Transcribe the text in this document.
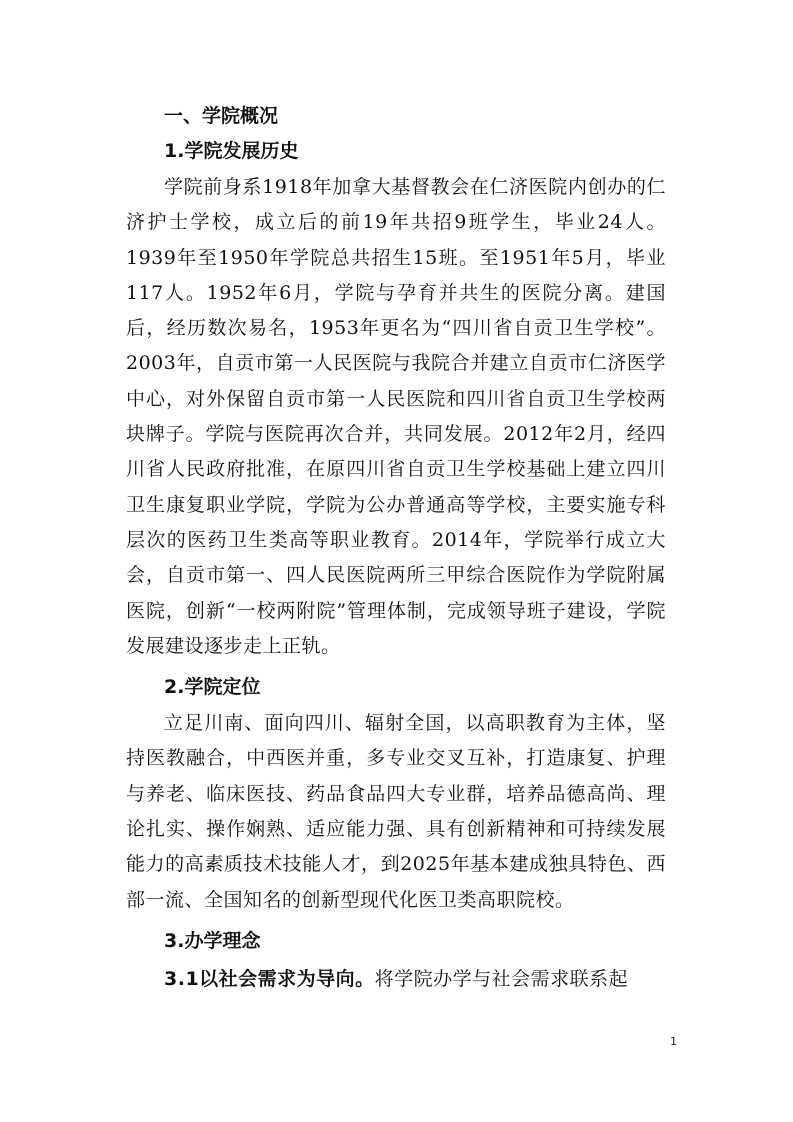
一、学院概况
1.学院发展历史

学院前身系1918年加拿大基督教会在仁济医院内创办的仁济护士学校，成立后的前19年共招9班学生，毕业24人。1939年至1950年学院总共招生15班。至1951年5月，毕业117人。1952年6月，学院与孕育并共生的医院分离。建国后，经历数次易名，1953年更名为“四川省自贡卫生学校”。2003年，自贡市第一人民医院与我院合并建立自贡市仁济医学中心，对外保留自贡市第一人民医院和四川省自贡卫生学校两块牌子。学院与医院再次合并，共同发展。2012年2月，经四川省人民政府批准，在原四川省自贡卫生学校基础上建立四川卫生康复职业学院，学院为公办普通高等学校，主要实施专科层次的医药卫生类高等职业教育。2014年，学院举行成立大会，自贡市第一、四人民医院两所三甲综合医院作为学院附属医院，创新“一校两附院”管理体制，完成领导班子建设，学院发展建设逐步走上正轨。

2.学院定位

立足川南、面向四川、辐射全国，以高职教育为主体，坚持医教融合，中西医并重，多专业交叉互补，打造康复、护理与养老、临床医技、药品食品四大专业群，培养品德高尚、理论扎实、操作娴熟、适应能力强、具有创新精神和可持续发展能力的高素质技术技能人才，到2025年基本建成独具特色、西部一流、全国知名的创新型现代化医卫类高职院校。

3.办学理念
3.1以社会需求为导向。将学院办学与社会需求联系起
1
